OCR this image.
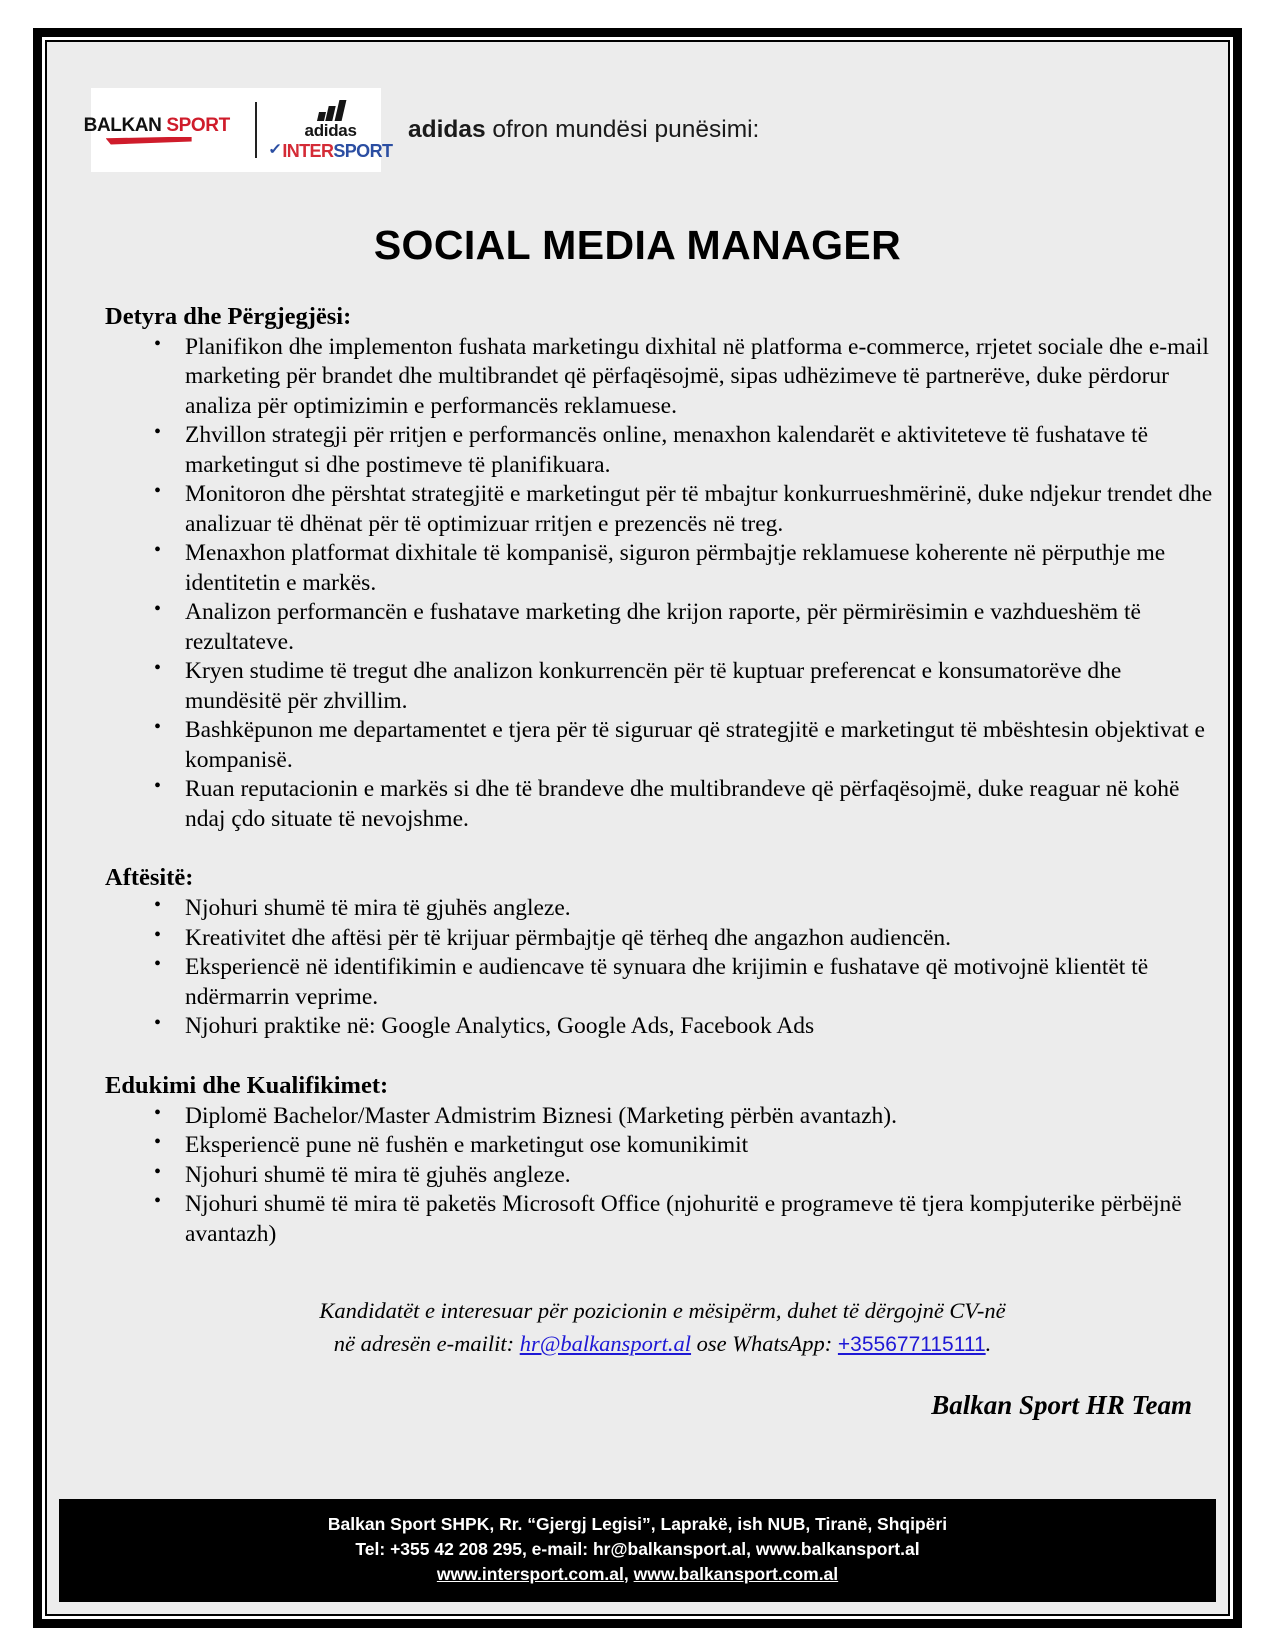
BALKAN SPORT	adidas
✓ INTERSPORT
adidas ofron mundësi punësimi:
SOCIAL MEDIA MANAGER
Detyra dhe Përgjegjësi:
• Planifikon dhe implementon fushata marketingu dixhital në platforma e-commerce, rrjetet sociale dhe e-mail marketing për brandet dhe multibrandet që përfaqësojmë, sipas udhëzimeve të partnerëve, duke përdorur analiza për optimizimin e performancës reklamuese.
• Zhvillon strategji për rritjen e performancës online, menaxhon kalendarët e aktiviteteve të fushatave të marketingut si dhe postimeve të planifikuara.
• Monitoron dhe përshtat strategjitë e marketingut për të mbajtur konkurrueshmërinë, duke ndjekur trendet dhe analizuar të dhënat për të optimizuar rritjen e prezencës në treg.
• Menaxhon platformat dixhitale të kompanisë, siguron përmbajtje reklamuese koherente në përputhje me identitetin e markës.
• Analizon performancën e fushatave marketing dhe krijon raporte, për përmirësimin e vazhdueshëm të rezultateve.
• Kryen studime të tregut dhe analizon konkurrencën për të kuptuar preferencat e konsumatorëve dhe mundësitë për zhvillim.
• Bashkëpunon me departamentet e tjera për të siguruar që strategjitë e marketingut të mbështesin objektivat e kompanisë.
• Ruan reputacionin e markës si dhe të brandeve dhe multibrandeve që përfaqësojmë, duke reaguar në kohë ndaj çdo situate të nevojshme.
Aftësitë:
• Njohuri shumë të mira të gjuhës angleze.
• Kreativitet dhe aftësi për të krijuar përmbajtje që tërheq dhe angazhon audiencën.
• Eksperiencë në identifikimin e audiencave të synuara dhe krijimin e fushatave që motivojnë klientët të ndërmarrin veprime.
• Njohuri praktike në: Google Analytics, Google Ads, Facebook Ads
Edukimi dhe Kualifikimet:
• Diplomë Bachelor/Master Admistrim Biznesi (Marketing përbën avantazh).
• Eksperiencë pune në fushën e marketingut ose komunikimit
• Njohuri shumë të mira të gjuhës angleze.
• Njohuri shumë të mira të paketës Microsoft Office (njohuritë e programeve të tjera kompjuterike përbëjnë avantazh)
Kandidatët e interesuar për pozicionin e mësipërm, duhet të dërgojnë CV-në
në adresën e-mailit: hr@balkansport.al ose WhatsApp: +355677115111.
Balkan Sport HR Team
Balkan Sport SHPK, Rr. “Gjergj Legisi”, Laprakë, ish NUB, Tiranë, Shqipëri
Tel: +355 42 208 295, e-mail: hr@balkansport.al, www.balkansport.al
www.intersport.com.al, www.balkansport.com.al
